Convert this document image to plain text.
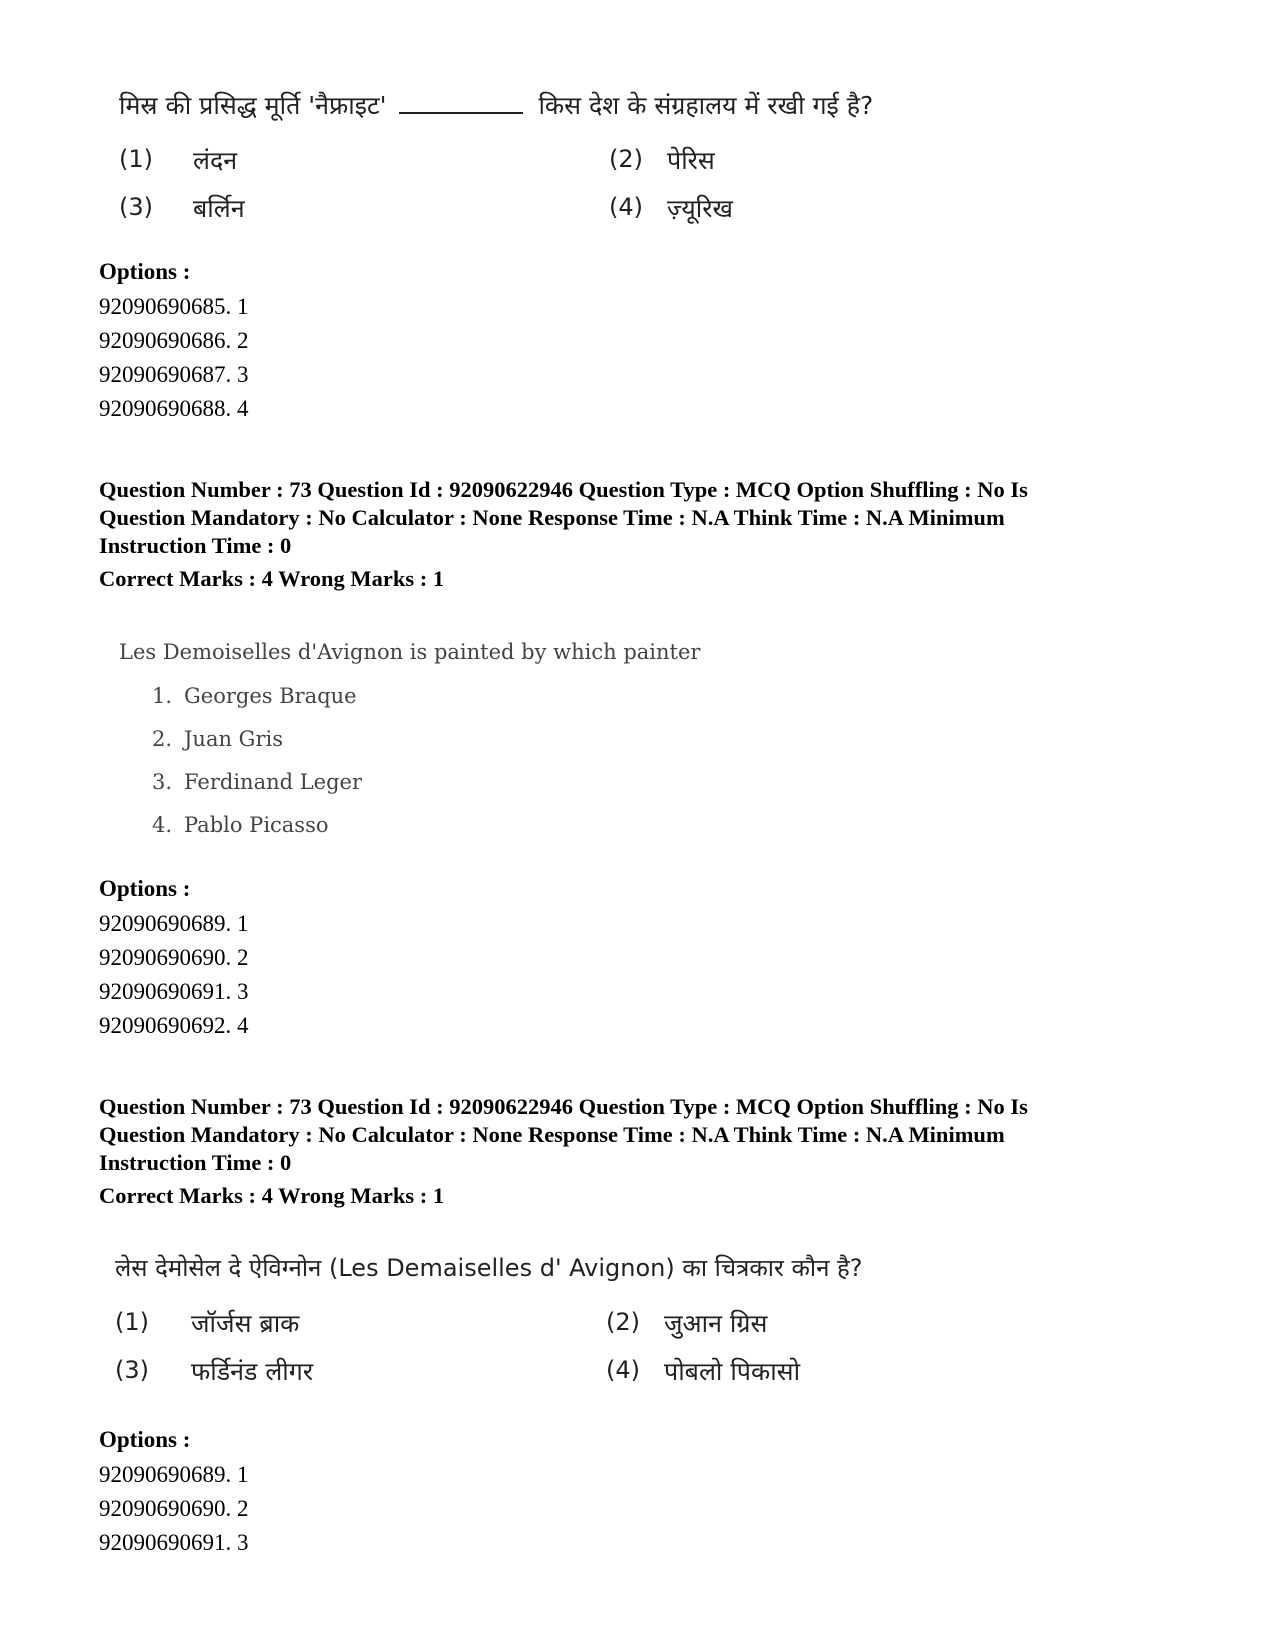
मिस्र की प्रसिद्ध मूर्ति 'नैफ्राइट'	किस देश के संग्रहालय में रखी गई है?
(1) लंदन	(2) पेरिस
(3) बर्लिन	(4) ज़्यूरिख
Options :
92090690685. 1
92090690686. 2
92090690687. 3
92090690688. 4
Question Number : 73 Question Id : 92090622946 Question Type : MCQ Option Shuffling : No Is
Question Mandatory : No Calculator : None Response Time : N.A Think Time : N.A Minimum
Instruction Time : 0
Correct Marks : 4 Wrong Marks : 1
Les Demoiselles d'Avignon is painted by which painter
1. Georges Braque
2. Juan Gris
3. Ferdinand Leger
4. Pablo Picasso
Options :
92090690689. 1
92090690690. 2
92090690691. 3
92090690692. 4
Question Number : 73 Question Id : 92090622946 Question Type : MCQ Option Shuffling : No Is
Question Mandatory : No Calculator : None Response Time : N.A Think Time : N.A Minimum
Instruction Time : 0
Correct Marks : 4 Wrong Marks : 1
लेस देमोसेल दे ऐविग्नोन (Les Demaiselles d' Avignon) का चित्रकार कौन है?
(1) जॉर्जस ब्राक	(2) जुआन ग्रिस
(3) फर्डिनंड लीगर	(4) पोबलो पिकासो
Options :
92090690689. 1
92090690690. 2
92090690691. 3
